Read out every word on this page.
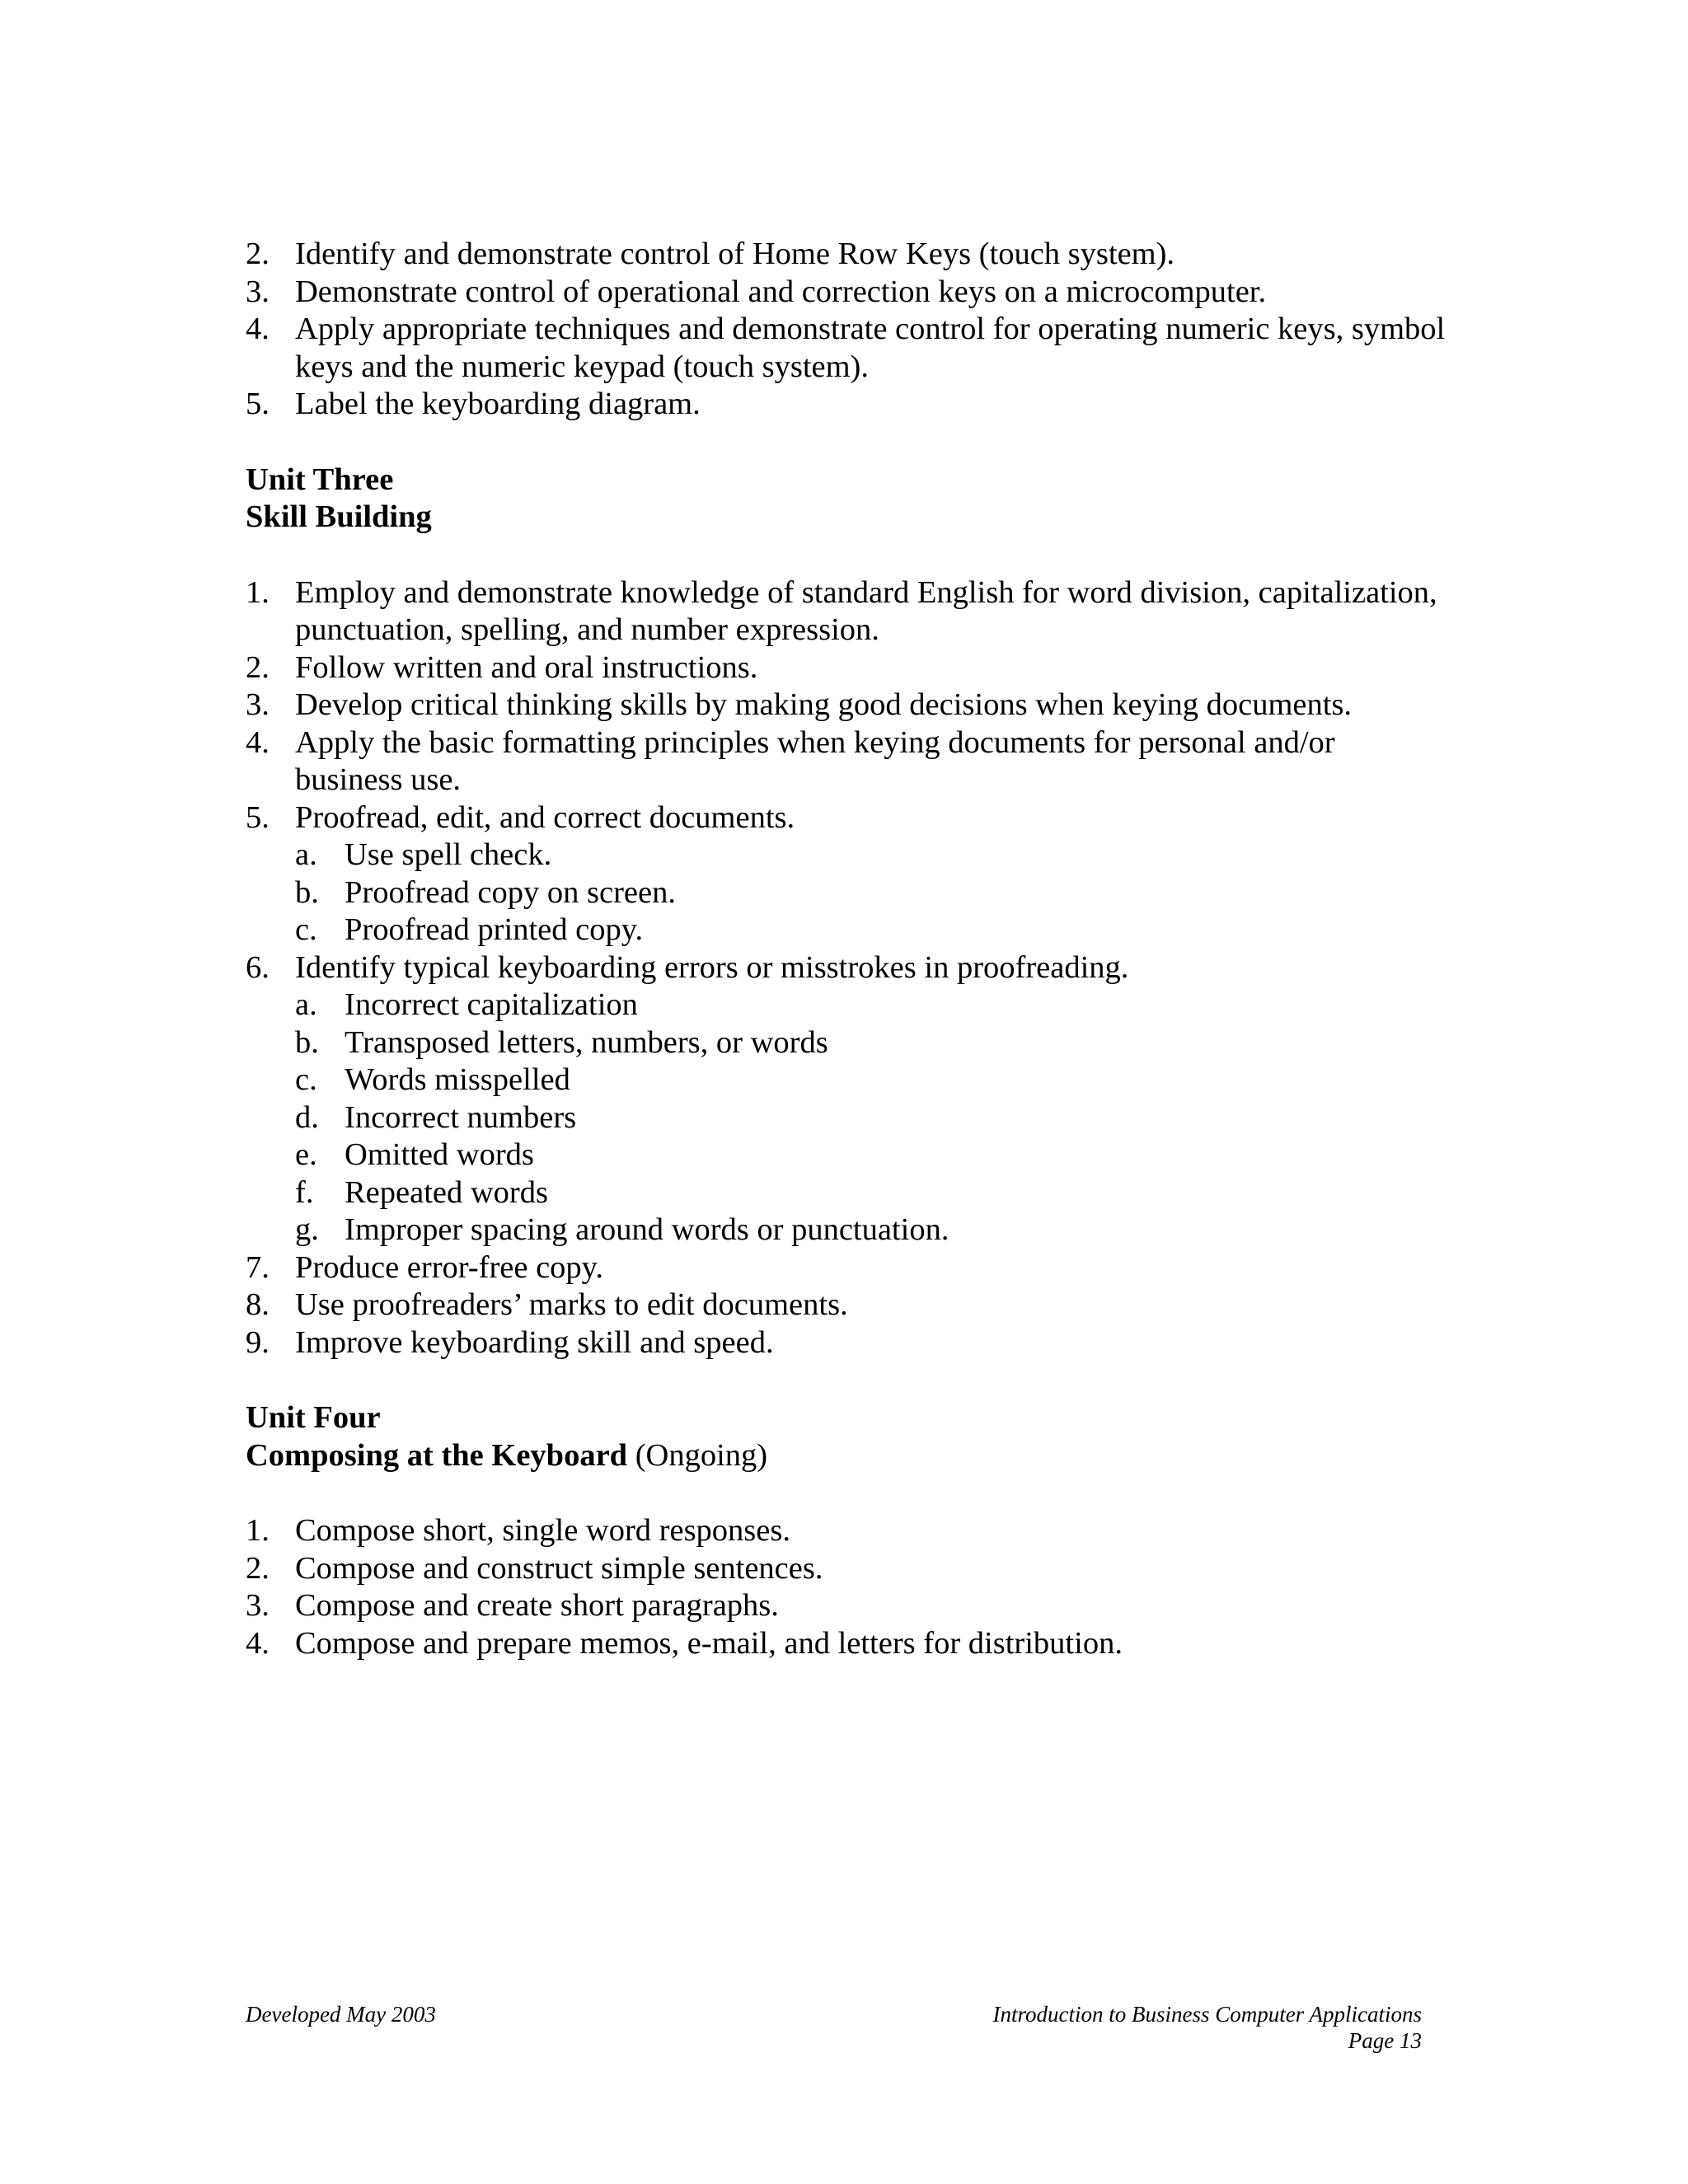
2. Identify and demonstrate control of Home Row Keys (touch system).
3. Demonstrate control of operational and correction keys on a microcomputer.
4. Apply appropriate techniques and demonstrate control for operating numeric keys, symbol keys and the numeric keypad (touch system).
5. Label the keyboarding diagram.
Unit Three
Skill Building
1. Employ and demonstrate knowledge of standard English for word division, capitalization, punctuation, spelling, and number expression.
2. Follow written and oral instructions.
3. Develop critical thinking skills by making good decisions when keying documents.
4. Apply the basic formatting principles when keying documents for personal and/or business use.
5. Proofread, edit, and correct documents.
a. Use spell check.
b. Proofread copy on screen.
c. Proofread printed copy.
6. Identify typical keyboarding errors or misstrokes in proofreading.
a. Incorrect capitalization
b. Transposed letters, numbers, or words
c. Words misspelled
d. Incorrect numbers
e. Omitted words
f. Repeated words
g. Improper spacing around words or punctuation.
7. Produce error-free copy.
8. Use proofreaders’ marks to edit documents.
9. Improve keyboarding skill and speed.
Unit Four
Composing at the Keyboard (Ongoing)
1. Compose short, single word responses.
2. Compose and construct simple sentences.
3. Compose and create short paragraphs.
4. Compose and prepare memos, e-mail, and letters for distribution.
Developed May 2003	Introduction to Business Computer Applications
Page 13
